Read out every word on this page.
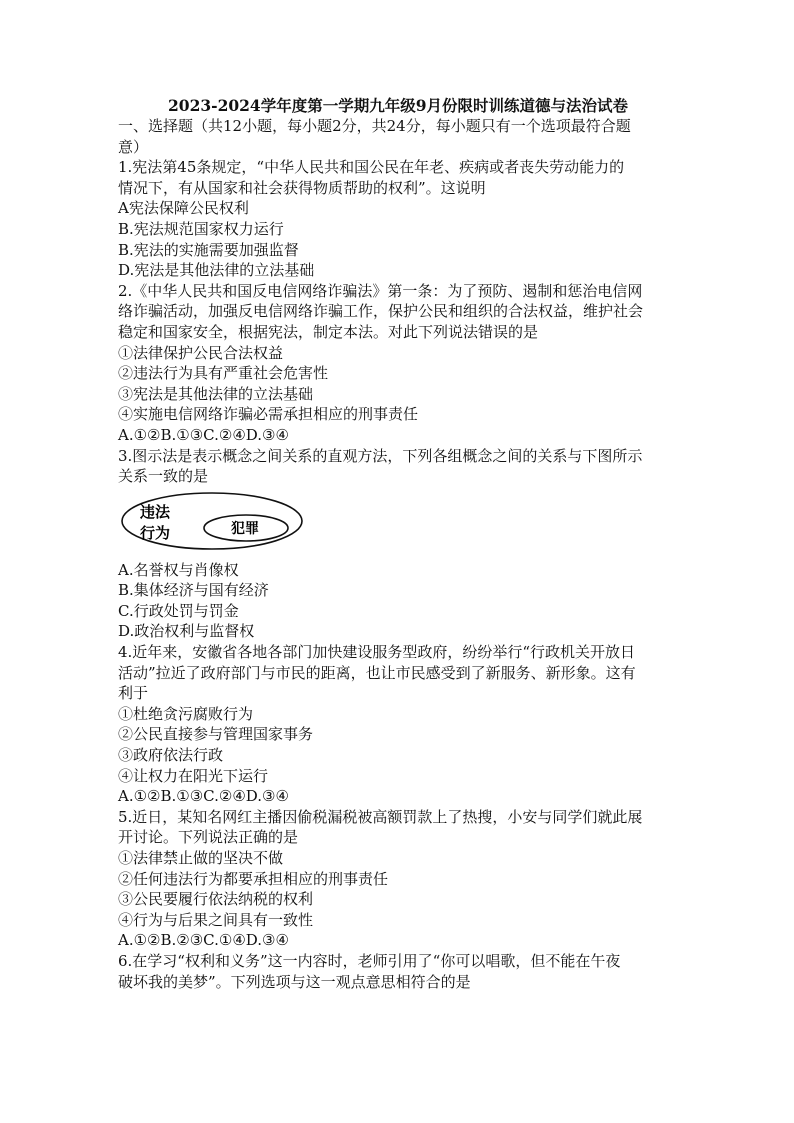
2023-2024学年度第一学期九年级9月份限时训练道德与法治试卷
一、选择题（共12小题，每小题2分，共24分，每小题只有一个选项最符合题
意）
1.宪法第45条规定，“中华人民共和国公民在年老、疾病或者丧失劳动能力的
情况下，有从国家和社会获得物质帮助的权利”。这说明
A宪法保障公民权利
B.宪法规范国家权力运行
B.宪法的实施需要加强监督
D.宪法是其他法律的立法基础
2.《中华人民共和国反电信网络诈骗法》第一条：为了预防、遏制和惩治电信网
络诈骗活动，加强反电信网络诈骗工作，保护公民和组织的合法权益，维护社会
稳定和国家安全，根据宪法，制定本法。对此下列说法错误的是
①法律保护公民合法权益
②违法行为具有严重社会危害性
③宪法是其他法律的立法基础
④实施电信网络诈骗必需承担相应的刑事责任
A.①②B.①③C.②④D.③④
3.图示法是表示概念之间关系的直观方法，下列各组概念之间的关系与下图所示
关系一致的是
违法
行为	犯罪
A.名誉权与肖像权
B.集体经济与国有经济
C.行政处罚与罚金
D.政治权利与监督权
4.近年来，安徽省各地各部门加快建设服务型政府，纷纷举行“行政机关开放日
活动”拉近了政府部门与市民的距离，也让市民感受到了新服务、新形象。这有
利于
①杜绝贪污腐败行为
②公民直接参与管理国家事务
③政府依法行政
④让权力在阳光下运行
A.①②B.①③C.②④D.③④
5.近日，某知名网红主播因偷税漏税被高额罚款上了热搜，小安与同学们就此展
开讨论。下列说法正确的是
①法律禁止做的坚决不做
②任何违法行为都要承担相应的刑事责任
③公民要履行依法纳税的权利
④行为与后果之间具有一致性
A.①②B.②③C.①④D.③④
6.在学习“权利和义务”这一内容时，老师引用了“你可以唱歌，但不能在午夜
破坏我的美梦”。下列选项与这一观点意思相符合的是
